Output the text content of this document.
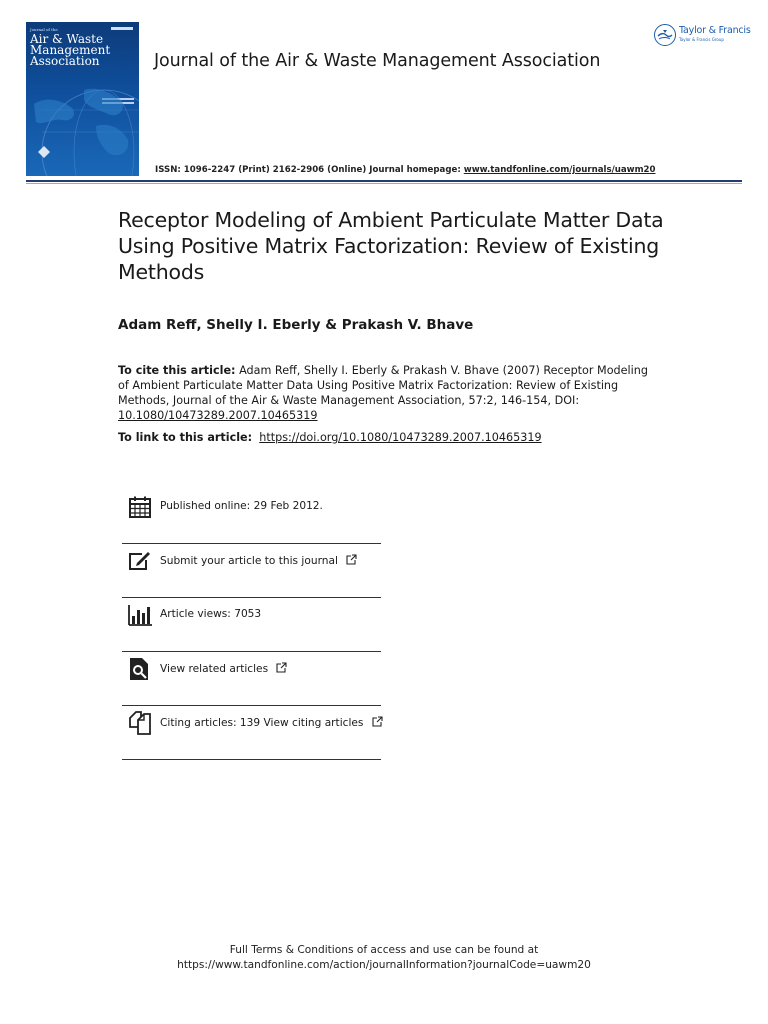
Journal of the
Air & Waste
Management
Association	Journal of the Air & Waste Management Association
ISSN: 1096-2247 (Print) 2162-2906 (Online) Journal homepage: www.tandfonline.com/journals/uawm20
Taylor & Francis
Taylor & Francis Group
Receptor Modeling of Ambient Particulate Matter Data Using Positive Matrix Factorization: Review of Existing Methods
Adam Reff, Shelly I. Eberly & Prakash V. Bhave
To cite this article: Adam Reff, Shelly I. Eberly & Prakash V. Bhave (2007) Receptor Modeling of Ambient Particulate Matter Data Using Positive Matrix Factorization: Review of Existing Methods, Journal of the Air & Waste Management Association, 57:2, 146-154, DOI: 10.1080/10473289.2007.10465319
To link to this article: https://doi.org/10.1080/10473289.2007.10465319
Published online: 29 Feb 2012.
Submit your article to this journal
Article views: 7053
View related articles
Citing articles: 139 View citing articles
Full Terms & Conditions of access and use can be found at
https://www.tandfonline.com/action/journalInformation?journalCode=uawm20
